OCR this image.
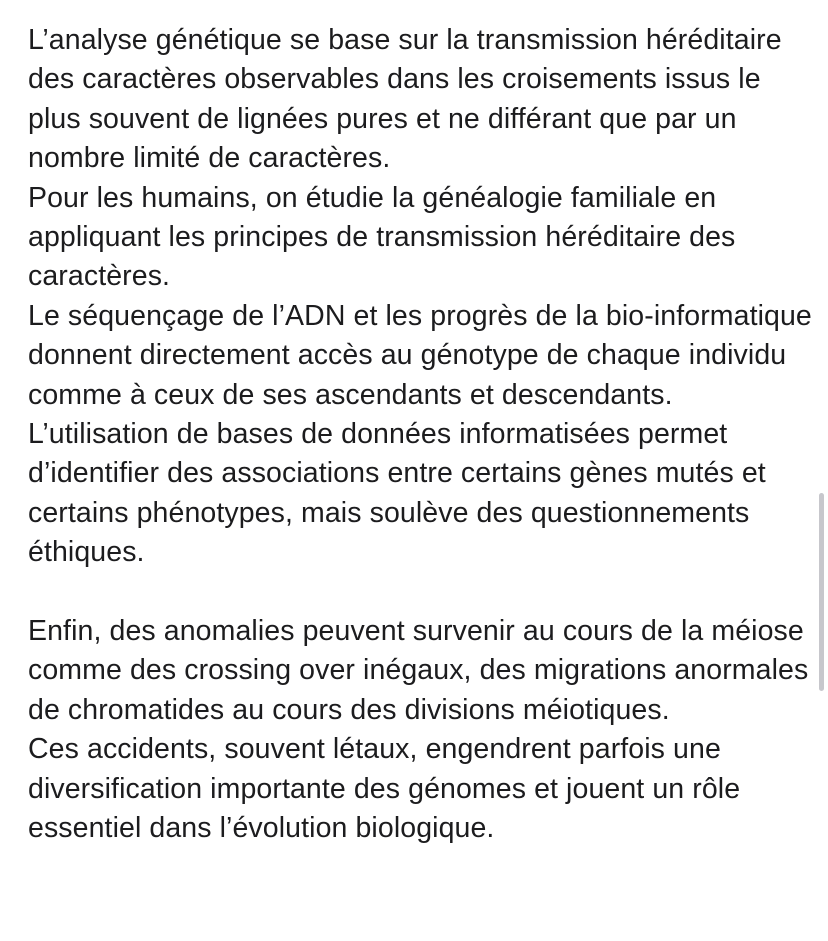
L’analyse génétique se base sur la transmission héréditaire des caractères observables dans les croisements issus le plus souvent de lignées pures et ne différant que par un nombre limité de caractères.

Pour les humains, on étudie la généalogie familiale en appliquant les principes de transmission héréditaire des caractères.

Le séquençage de l’ADN et les progrès de la bio-informatique donnent directement accès au génotype de chaque individu comme à ceux de ses ascendants et descendants.

L’utilisation de bases de données informatisées permet d’identifier des associations entre certains gènes mutés et certains phénotypes, mais soulève des questionnements éthiques.

Enfin, des anomalies peuvent survenir au cours de la méiose comme des crossing over inégaux, des migrations anormales de chromatides au cours des divisions méiotiques.

Ces accidents, souvent létaux, engendrent parfois une diversification importante des génomes et jouent un rôle essentiel dans l’évolution biologique.
